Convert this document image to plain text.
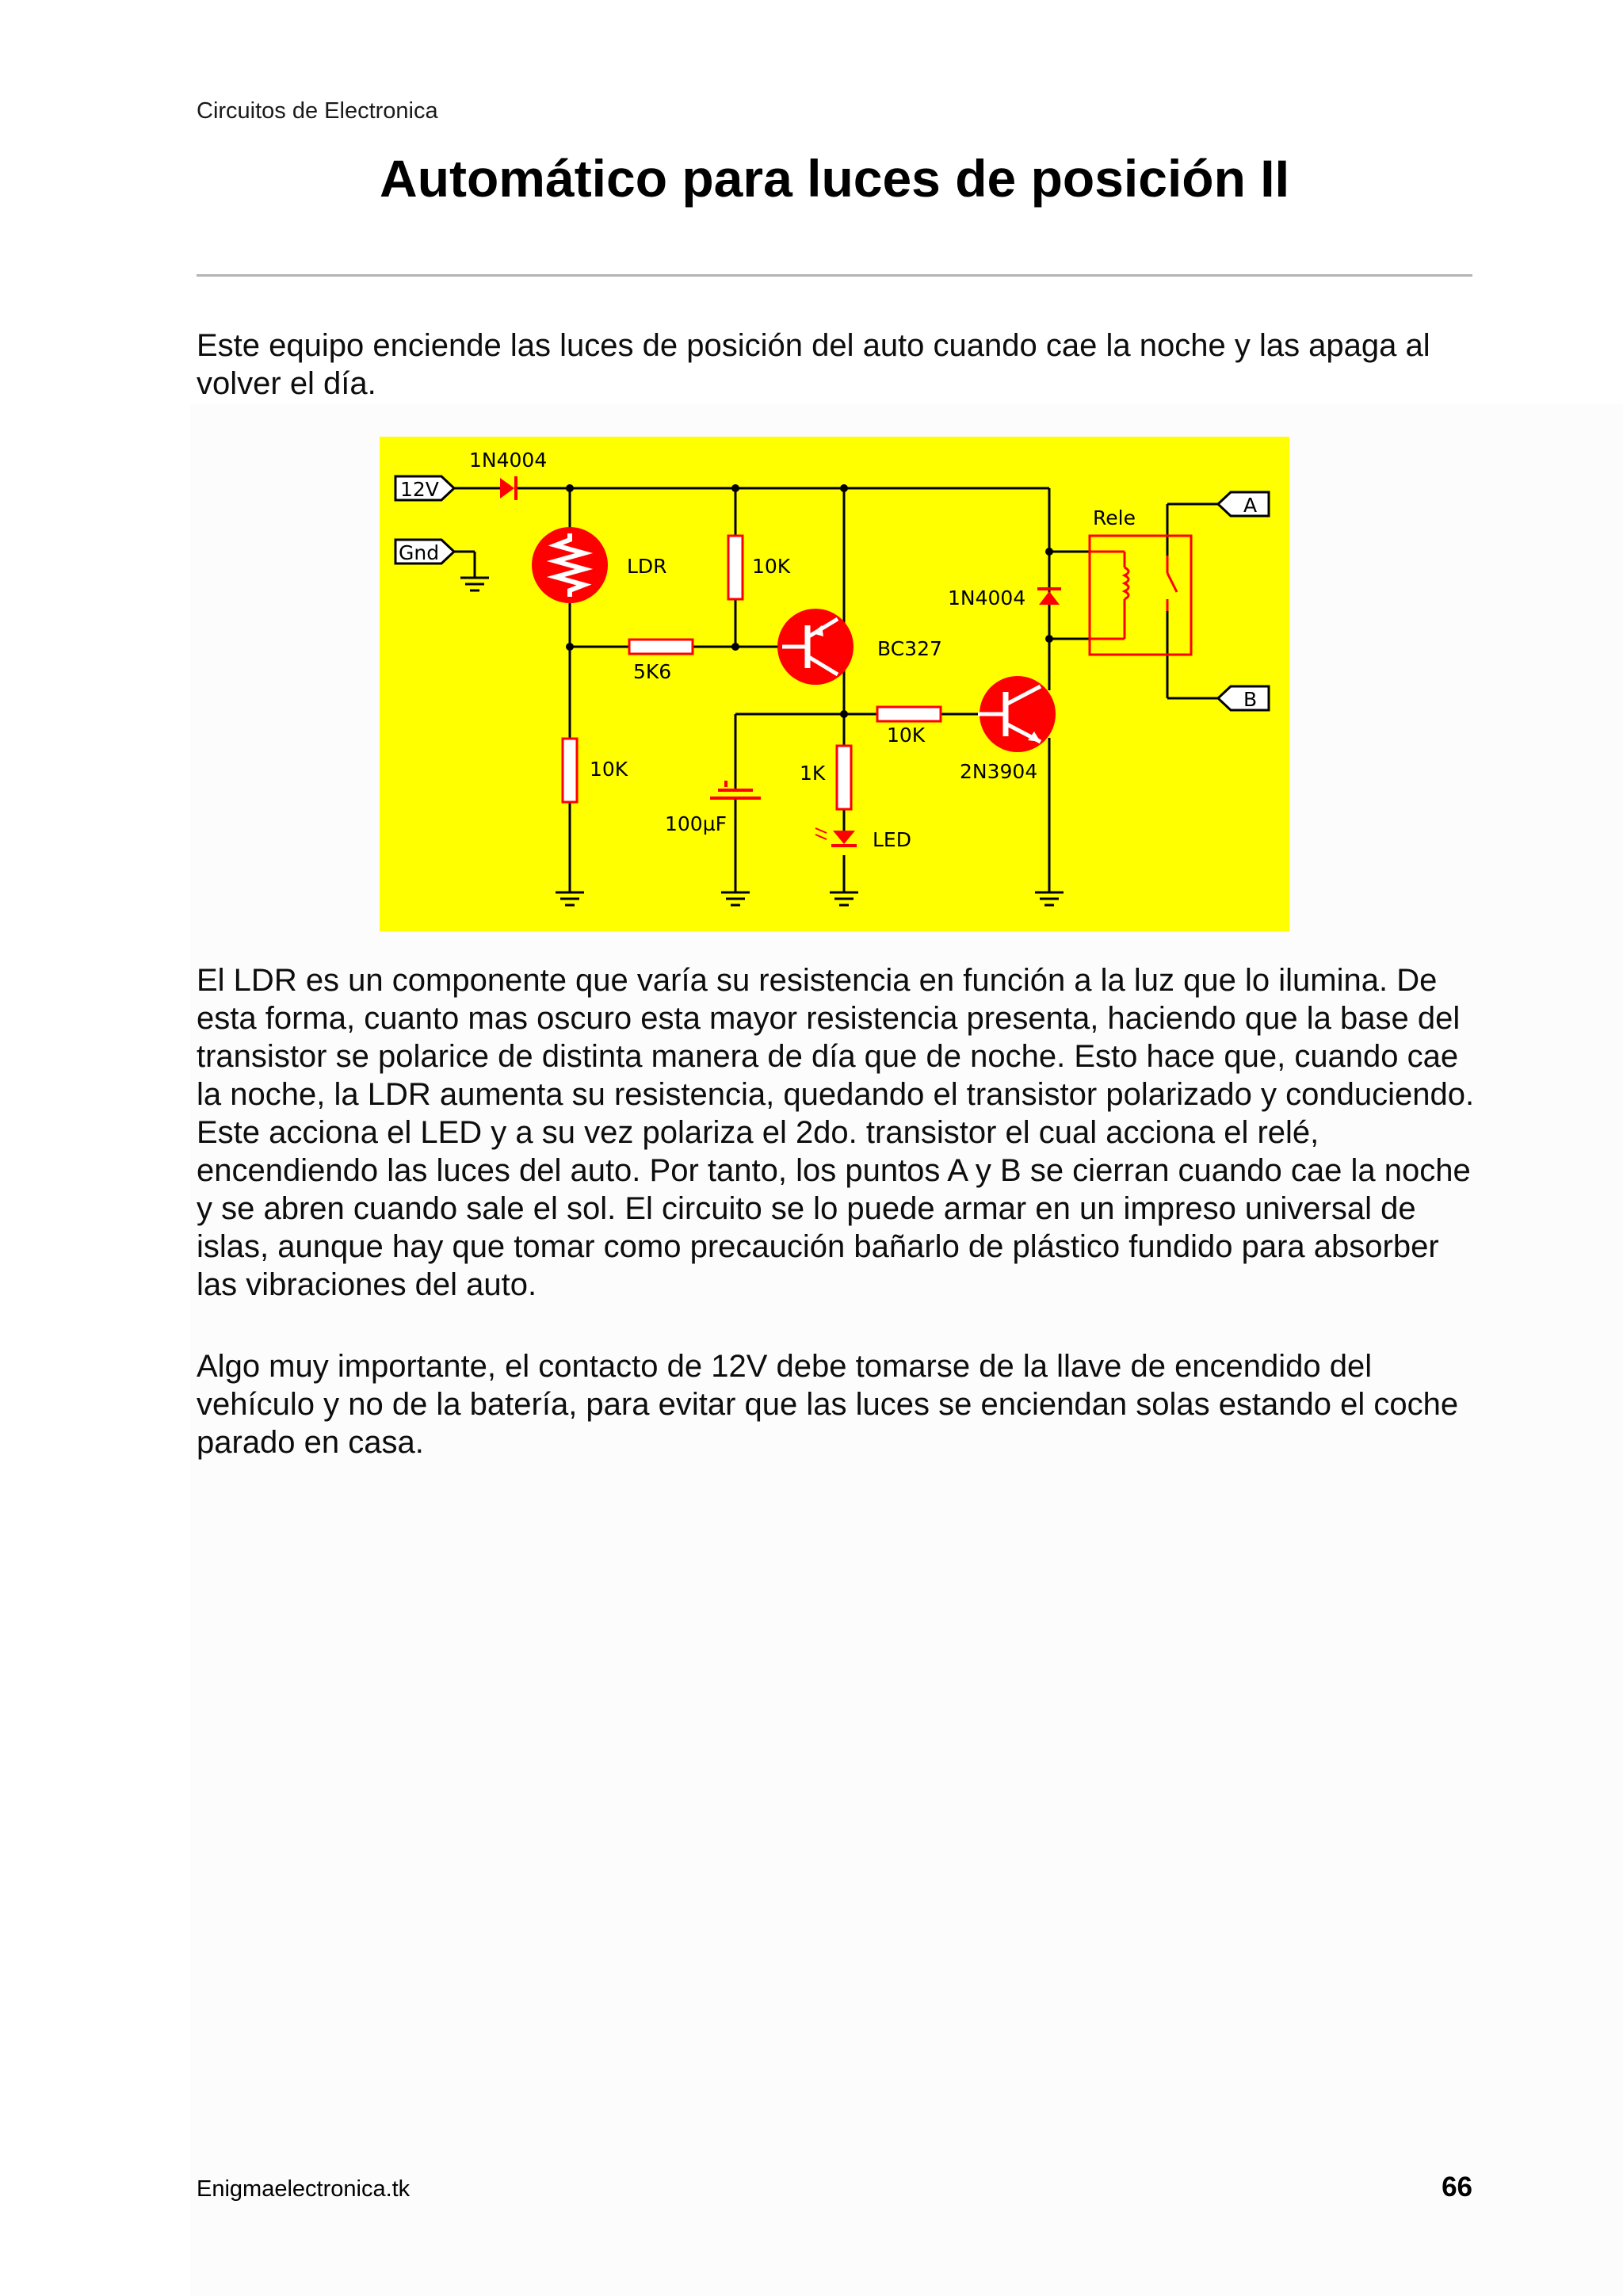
Circuitos de Electronica
Automático para luces de posición II

Este equipo enciende las luces de posición del auto cuando cae la noche y las apaga al volver el día.

12V
Gnd
A
B
1N4004
LDR	10K
5K6
10K	1K
10K
BC327
100µF
LED
2N3904
1N4004
Rele

El LDR es un componente que varía su resistencia en función a la luz que lo ilumina. De esta forma, cuanto mas oscuro esta mayor resistencia presenta, haciendo que la base del transistor se polarice de distinta manera de día que de noche. Esto hace que, cuando cae la noche, la LDR aumenta su resistencia, quedando el transistor polarizado y conduciendo. Este acciona el LED y a su vez polariza el 2do. transistor el cual acciona el relé, encendiendo las luces del auto. Por tanto, los puntos A y B se cierran cuando cae la noche y se abren cuando sale el sol. El circuito se lo puede armar en un impreso universal de islas, aunque hay que tomar como precaución bañarlo de plástico fundido para absorber las vibraciones del auto.

Algo muy importante, el contacto de 12V debe tomarse de la llave de encendido del vehículo y no de la batería, para evitar que las luces se enciendan solas estando el coche parado en casa.

Enigmaelectronica.tk	66
